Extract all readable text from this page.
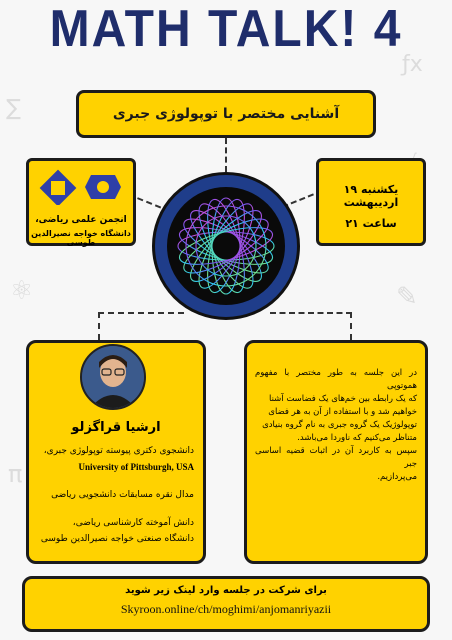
∑
ƒx
⚛	✎
π
MATH TALK! 4
آشنایی مختصر با توپولوژی جبری
انجمن علمی ریاضی،
دانشگاه خواجه نصیرالدین طوسی
یکشنبه ۱۹ اردیبهشت
ساعت ۲۱
ارشیا قراگزلو
دانشجوی دکتری پیوسته توپولوژی جبری،
University of Pittsburgh, USA
مدال نقره مسابقات دانشجویی ریاضی
دانش آموخته کارشناسی ریاضی،
دانشگاه صنعتی خواجه نصیرالدین طوسی
در این جلسه به طور مختصر با مفهوم هموتوپی
که یک رابطه بین خم‌های یک فضاست آشنا
خواهیم شد و با استفاده از آن به هر فضای
توپولوژیک یک گروه جبری به نام گروه بنیادی
متناظر می‌کنیم که ناوردا می‌باشد.
سپس به کاربرد آن در اثبات قضیه اساسی جبر
می‌پردازیم.
برای شرکت در جلسه وارد لینک زیر شوید
Skyroon.online/ch/moghimi/anjomanriyazii
